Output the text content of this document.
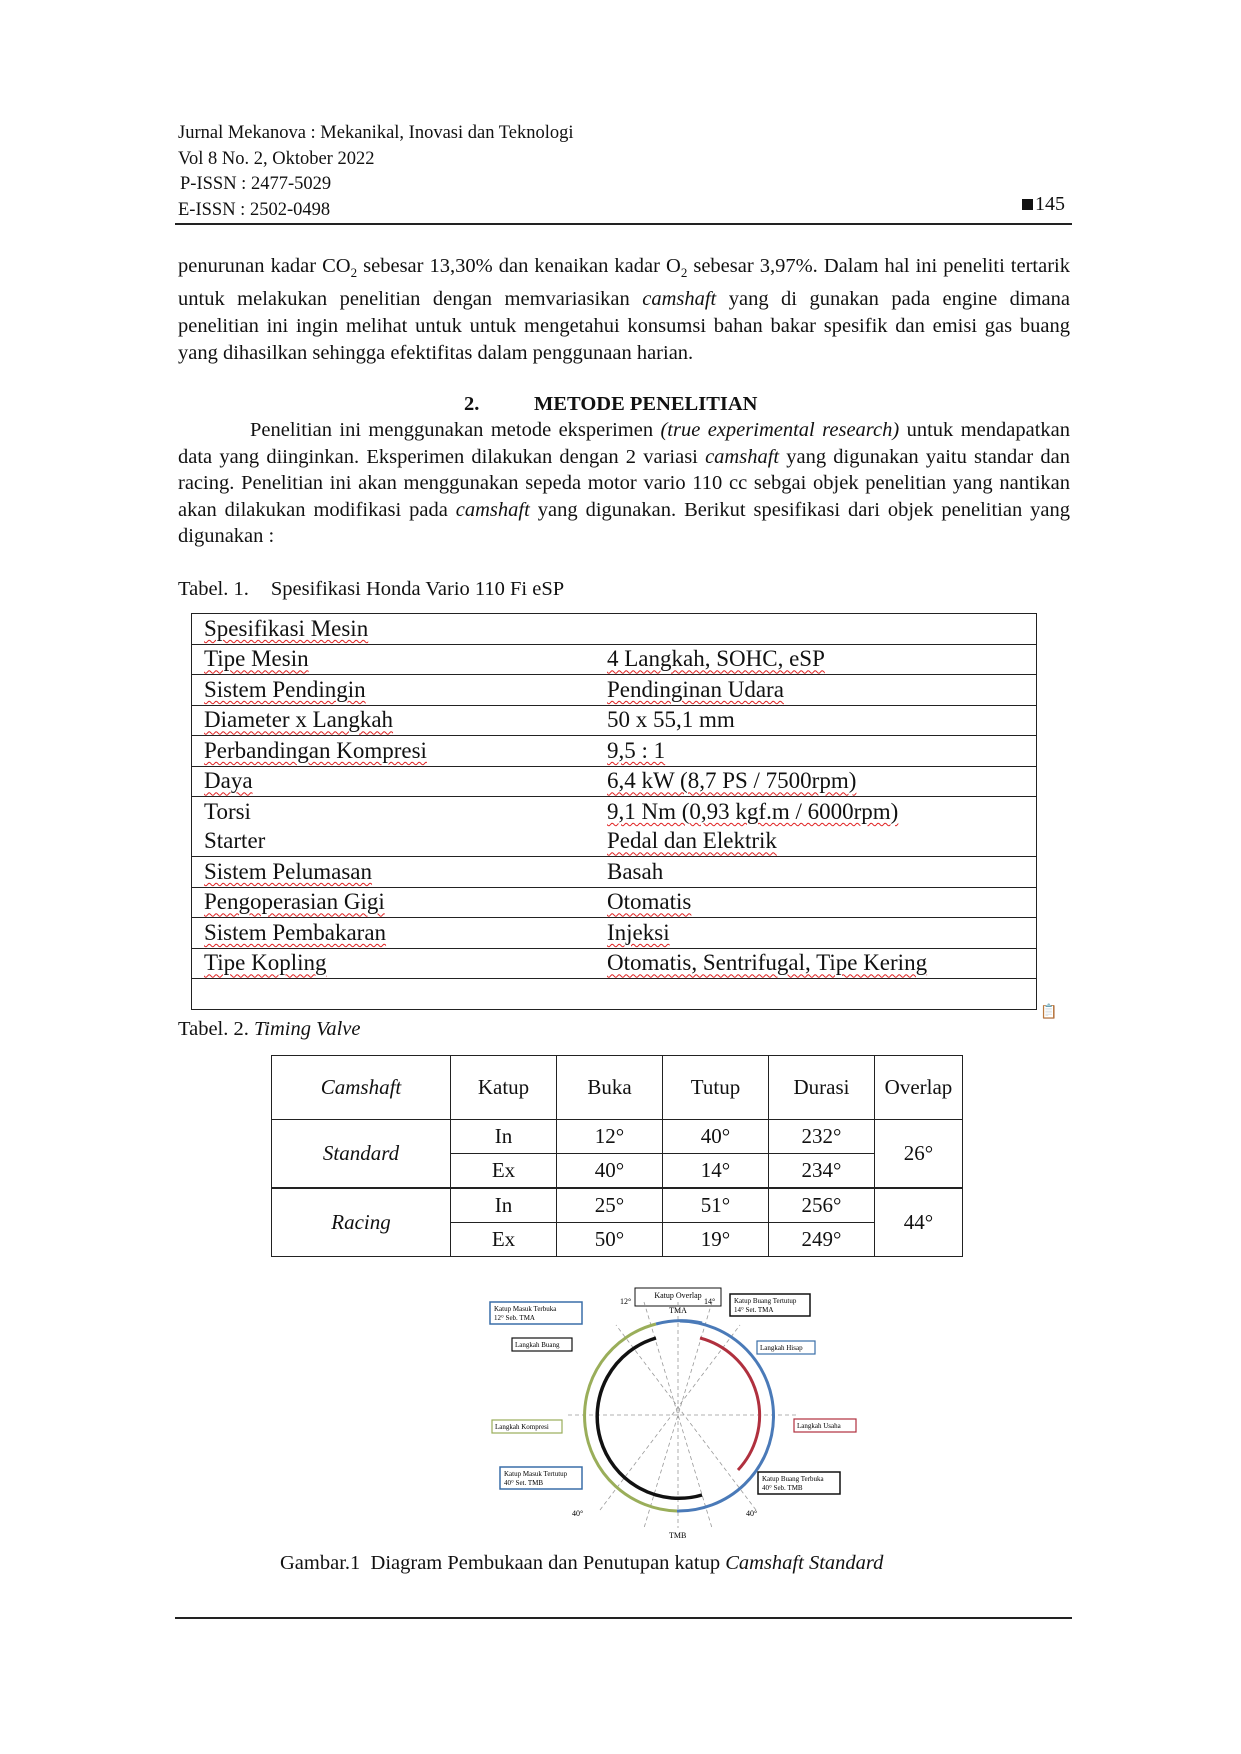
Jurnal Mekanova : Mekanikal, Inovasi dan Teknologi
Vol 8 No. 2, Oktober 2022
P-ISSN : 2477-5029
E-ISSN : 2502-0498	145
penurunan kadar $CO_2$ sebesar 13,30% dan kenaikan kadar $O_2$ sebesar 3,97%. Dalam hal ini peneliti tertarik untuk melakukan penelitian dengan memvariasikan camshaft yang di gunakan pada engine dimana penelitian ini ingin melihat untuk untuk mengetahui konsumsi bahan bakar spesifik dan emisi gas buang yang dihasilkan sehingga efektifitas dalam penggunaan harian.
2.	METODE PENELITIAN
Penelitian ini menggunakan metode eksperimen (true experimental research) untuk mendapatkan data yang diinginkan. Eksperimen dilakukan dengan 2 variasi camshaft yang digunakan yaitu standar dan racing. Penelitian ini akan menggunakan sepeda motor vario 110 cc sebgai objek penelitian yang nantikan akan dilakukan modifikasi pada camshaft yang digunakan. Berikut spesifikasi dari objek penelitian yang digunakan :
Tabel. 1. Spesifikasi Honda Vario 110 Fi eSP
Spesifikasi Mesin	
Tipe Mesin	4 Langkah, SOHC, eSP
Sistem Pendingin	Pendinginan Udara
Diameter x Langkah	50 x 55,1 mm
Perbandingan Kompresi	9,5 : 1
Daya	6,4 kW (8,7 PS / 7500rpm)
Torsi	9,1 Nm (0,93 kgf.m / 6000rpm)
Starter	Pedal dan Elektrik
Sistem Pelumasan	Basah
Pengoperasian Gigi	Otomatis
Sistem Pembakaran	Injeksi
Tipe Kopling	Otomatis, Sentrifugal, Tipe Kering

📋
Tabel. 2. Timing Valve
Camshaft	Katup	Buka	Tutup	Durasi	Overlap
Standard	In	12°	40°	232°	26°
	Ex	40°	14°	234°	
Racing	In	25°	51°	256°	44°
	Ex	50°	19°	249°	
Katup Overlap
TMA
12°	14°
Katup Masuk Terbuka
12° Seb. TMA
Katup Buang Tertutup
14° Set. TMA
Langkah Buang	Langkah Hisap
Langkah Kompresi	Langkah Usaha
Katup Masuk Tertutup
40° Set. TMB	Katup Buang Terbuka
40° Seb. TMB
40°	40°
TMB
Gambar.1 Diagram Pembukaan dan Penutupan katup Camshaft Standard
